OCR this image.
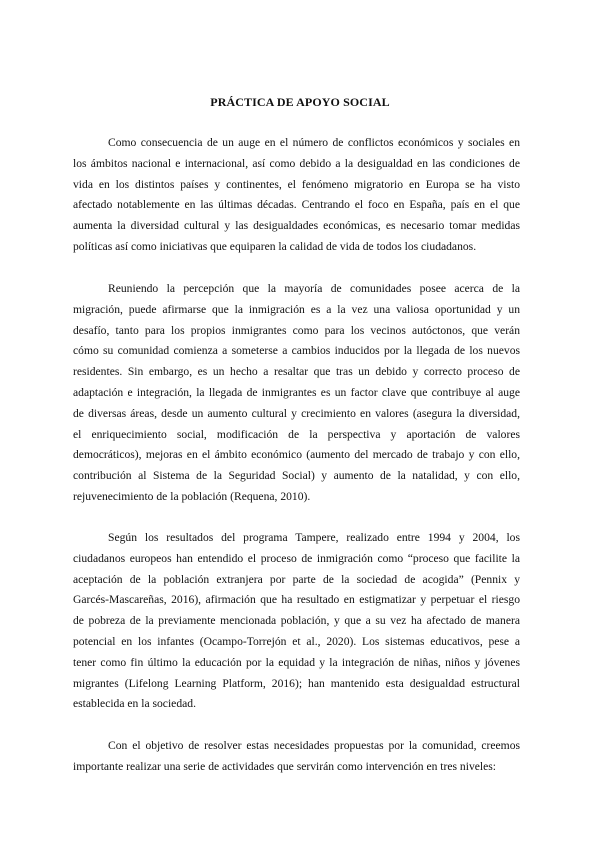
PRÁCTICA DE APOYO SOCIAL
Como consecuencia de un auge en el número de conflictos económicos y sociales en
los ámbitos nacional e internacional, así como debido a la desigualdad en las condiciones de
vida en los distintos países y continentes, el fenómeno migratorio en Europa se ha visto
afectado notablemente en las últimas décadas. Centrando el foco en España, país en el que
aumenta la diversidad cultural y las desigualdades económicas, es necesario tomar medidas
políticas así como iniciativas que equiparen la calidad de vida de todos los ciudadanos.
Reuniendo la percepción que la mayoría de comunidades posee acerca de la
migración, puede afirmarse que la inmigración es a la vez una valiosa oportunidad y un
desafío, tanto para los propios inmigrantes como para los vecinos autóctonos, que verán
cómo su comunidad comienza a someterse a cambios inducidos por la llegada de los nuevos
residentes. Sin embargo, es un hecho a resaltar que tras un debido y correcto proceso de
adaptación e integración, la llegada de inmigrantes es un factor clave que contribuye al auge
de diversas áreas, desde un aumento cultural y crecimiento en valores (asegura la diversidad,
el enriquecimiento social, modificación de la perspectiva y aportación de valores
democráticos), mejoras en el ámbito económico (aumento del mercado de trabajo y con ello,
contribución al Sistema de la Seguridad Social) y aumento de la natalidad, y con ello,
rejuvenecimiento de la población (Requena, 2010).
Según los resultados del programa Tampere, realizado entre 1994 y 2004, los
ciudadanos europeos han entendido el proceso de inmigración como “proceso que facilite la
aceptación de la población extranjera por parte de la sociedad de acogida” (Pennix y
Garcés-Mascareñas, 2016), afirmación que ha resultado en estigmatizar y perpetuar el riesgo
de pobreza de la previamente mencionada población, y que a su vez ha afectado de manera
potencial en los infantes (Ocampo-Torrejón et al., 2020). Los sistemas educativos, pese a
tener como fin último la educación por la equidad y la integración de niñas, niños y jóvenes
migrantes (Lifelong Learning Platform, 2016); han mantenido esta desigualdad estructural
establecida en la sociedad.
Con el objetivo de resolver estas necesidades propuestas por la comunidad, creemos
importante realizar una serie de actividades que servirán como intervención en tres niveles:
